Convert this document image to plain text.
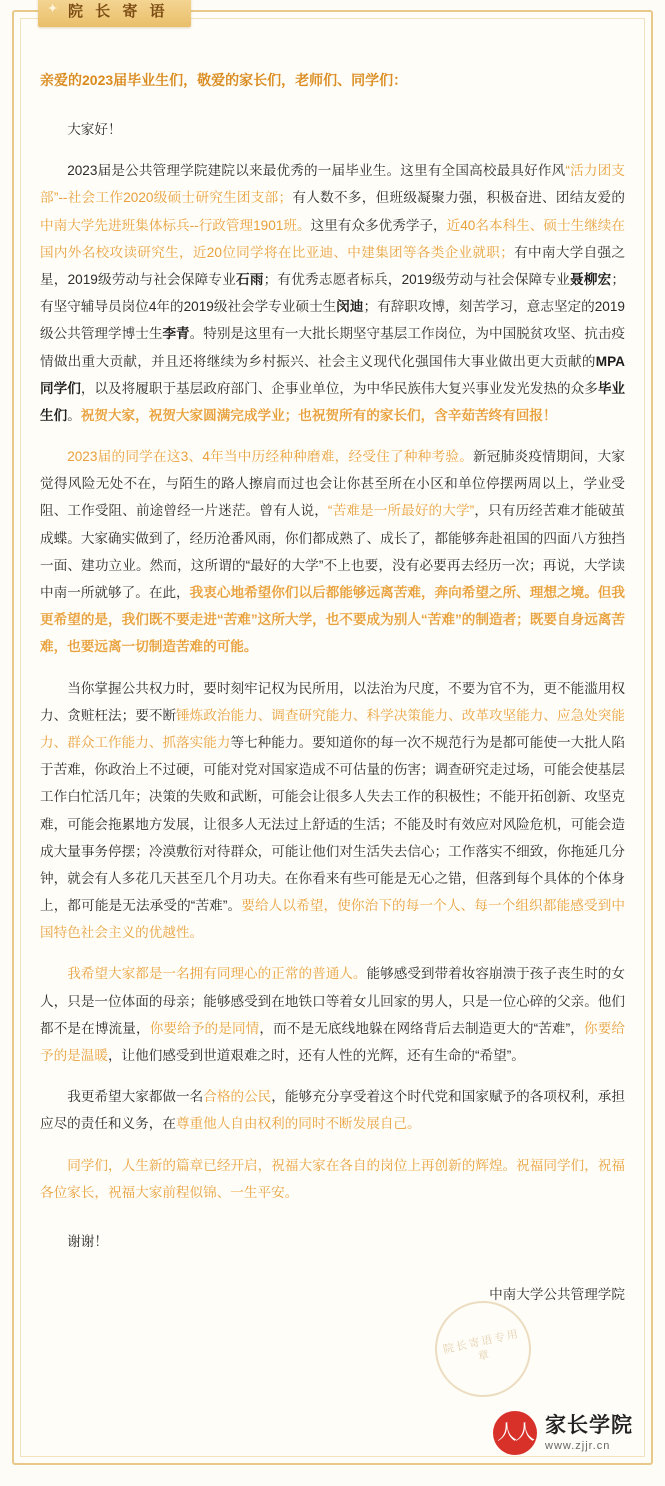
✦ 院 长 寄 语

亲爱的2023届毕业生们，敬爱的家长们，老师们、同学们：

大家好！

2023届是公共管理学院建院以来最优秀的一届毕业生。这里有全国高校最具好作风“活力团支部”--社会工作2020级硕士研究生团支部；有人数不多，但班级凝聚力强，积极奋进、团结友爱的中南大学先进班集体标兵--行政管理1901班。这里有众多优秀学子，近40名本科生、硕士生继续在国内外名校攻读研究生，近20位同学将在比亚迪、中建集团等各类企业就职；有中南大学自强之星，2019级劳动与社会保障专业石雨；有优秀志愿者标兵，2019级劳动与社会保障专业聂柳宏；有坚守辅导员岗位4年的2019级社会学专业硕士生闵迪；有辞职攻博，刻苦学习，意志坚定的2019级公共管理学博士生李青。特别是这里有一大批长期坚守基层工作岗位，为中国脱贫攻坚、抗击疫情做出重大贡献，并且还将继续为乡村振兴、社会主义现代化强国伟大事业做出更大贡献的MPA同学们，以及将履职于基层政府部门、企事业单位，为中华民族伟大复兴事业发光发热的众多毕业生们。祝贺大家，祝贺大家圆满完成学业；也祝贺所有的家长们，含辛茹苦终有回报！

2023届的同学在这3、4年当中历经种种磨难，经受住了种种考验。新冠肺炎疫情期间，大家觉得风险无处不在，与陌生的路人擦肩而过也会让你甚至所在小区和单位停摆两周以上，学业受阻、工作受阻、前途曾经一片迷茫。曾有人说，“苦难是一所最好的大学”，只有历经苦难才能破茧成蝶。大家确实做到了，经历沧番风雨，你们都成熟了、成长了，都能够奔赴祖国的四面八方独挡一面、建功立业。然而，这所谓的“最好的大学”不上也要，没有必要再去经历一次；再说，大学读中南一所就够了。在此，我衷心地希望你们以后都能够远离苦难，奔向希望之所、理想之境。但我更希望的是，我们既不要走进“苦难”这所大学，也不要成为别人“苦难”的制造者；既要自身远离苦难，也要远离一切制造苦难的可能。

当你掌握公共权力时，要时刻牢记权为民所用，以法治为尺度，不要为官不为，更不能滥用权力、贪赃枉法；要不断锤炼政治能力、调查研究能力、科学决策能力、改革攻坚能力、应急处突能力、群众工作能力、抓落实能力等七种能力。要知道你的每一次不规范行为是都可能使一大批人陷于苦难，你政治上不过硬，可能对党对国家造成不可估量的伤害；调查研究走过场，可能会使基层工作白忙活几年；决策的失败和武断，可能会让很多人失去工作的积极性；不能开拓创新、攻坚克难，可能会拖累地方发展，让很多人无法过上舒适的生活；不能及时有效应对风险危机，可能会造成大量事务停摆；冷漠敷衍对待群众，可能让他们对生活失去信心；工作落实不细致，你拖延几分钟，就会有人多花几天甚至几个月功夫。在你看来有些可能是无心之错，但落到每个具体的个体身上，都可能是无法承受的“苦难”。要给人以希望，使你治下的每一个人、每一个组织都能感受到中国特色社会主义的优越性。

我希望大家都是一名拥有同理心的正常的普通人。能够感受到带着妆容崩溃于孩子丧生时的女人，只是一位体面的母亲；能够感受到在地铁口等着女儿回家的男人，只是一位心碎的父亲。他们都不是在博流量，你要给予的是同情，而不是无底线地躲在网络背后去制造更大的“苦难”，你要给予的是温暖，让他们感受到世道艰难之时，还有人性的光辉，还有生命的“希望”。

我更希望大家都做一名合格的公民，能够充分享受着这个时代党和国家赋予的各项权利，承担应尽的责任和义务，在尊重他人自由权利的同时不断发展自己。

同学们，人生新的篇章已经开启，祝福大家在各自的岗位上再创新的辉煌。祝福同学们，祝福各位家长，祝福大家前程似锦、一生平安。

谢谢！

中南大学公共管理学院

院长寄语专用章
人人 家长学院
www.zjjr.cn
